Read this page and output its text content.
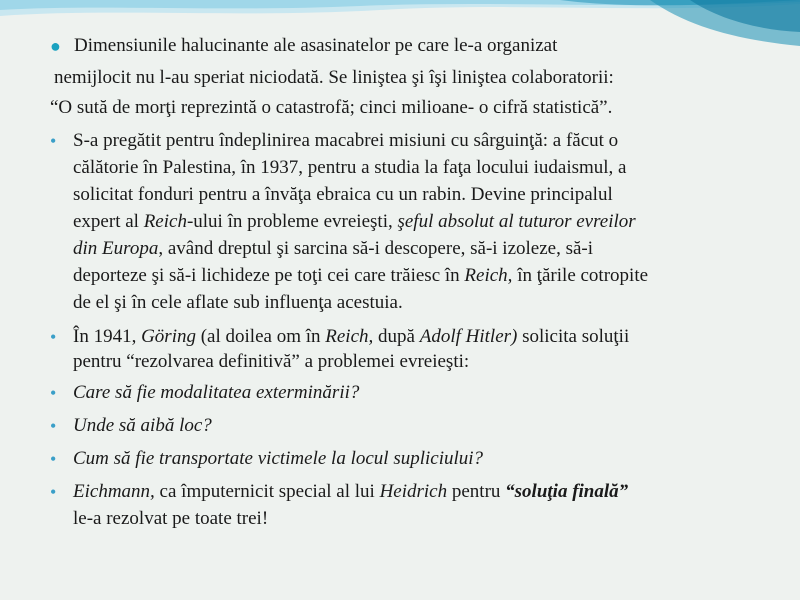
● Dimensiunile halucinante ale asasinatelor pe care le-a organizat
nemijlocit nu l-au speriat niciodată. Se liniştea şi îşi liniştea colaboratorii:
“O sută de morţi reprezintă o catastrofă; cinci milioane- o cifră statistică”.
• S-a pregătit pentru îndeplinirea macabrei misiuni cu sârguinţă: a făcut o
călătorie în Palestina, în 1937, pentru a studia la faţa locului iudaismul, a
solicitat fonduri pentru a învăţa ebraica cu un rabin. Devine principalul
expert al Reich-ului în probleme evreieşti, şeful absolut al tuturor evreilor
din Europa, având dreptul şi sarcina să-i descopere, să-i izoleze, să-i
deporteze şi să-i lichideze pe toţi cei care trăiesc în Reich, în ţările cotropite
de el şi în cele aflate sub influenţa acestuia.
• În 1941, Göring (al doilea om în Reich, după Adolf Hitler) solicita soluţii
pentru “rezolvarea definitivă” a problemei evreieşti:
• Care să fie modalitatea exterminării?
• Unde să aibă loc?
• Cum să fie transportate victimele la locul supliciului?
• Eichmann, ca împuternicit special al lui Heidrich pentru “soluţia finală”
le-a rezolvat pe toate trei!
